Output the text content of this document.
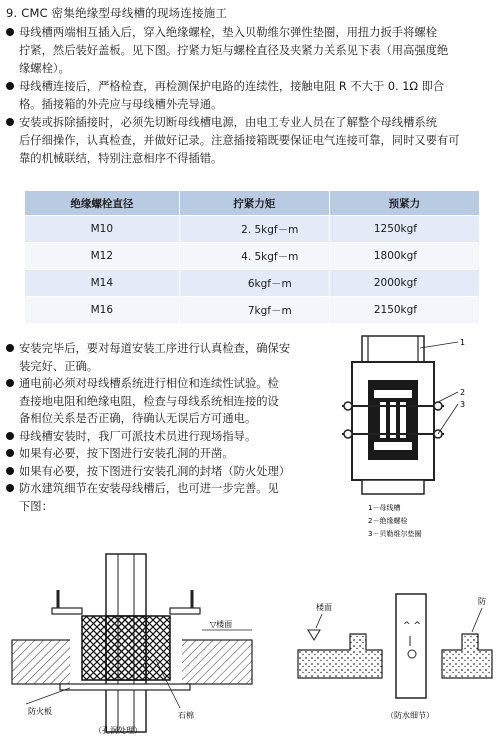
9. CMC 密集绝缘型母线槽的现场连接施工
母线槽两端相互插入后，穿入绝缘螺栓，垫入贝勒维尔弹性垫圈，用扭力扳手将螺栓
拧紧，然后装好盖板。见下图。拧紧力矩与螺栓直径及夹紧力关系见下表（用高强度绝
缘螺栓）。
母线槽连接后，严格检查，再检测保护电路的连续性，接触电阻 R 不大于 0. 1Ω 即合
格。插接箱的外壳应与母线槽外壳导通。
安装或拆除插接时，必须先切断母线槽电源，由电工专业人员在了解整个母线槽系统
后仔细操作，认真检查，并做好记录。注意插接箱既要保证电气连接可靠，同时又要有可
靠的机械联结，特别注意相序不得插错。
绝缘螺栓直径	拧紧力矩	预紧力
M10	2. 5kgf－m	1250kgf
M12	4. 5kgf－m	1800kgf
M14	6kgf－m	2000kgf
M16	7kgf－m	2150kgf
安装完毕后，要对每道安装工序进行认真检查，确保安
装完好、正确。
通电前必须对母线槽系统进行相位和连续性试验。检
查接地电阻和绝缘电阻，检查与母线系统相连接的设
备相位关系是否正确，待确认无误后方可通电。
母线槽安装时，我厂可派技术员进行现场指导。
如果有必要，按下图进行安装孔洞的开凿。
如果有必要，按下图进行安装孔洞的封堵（防火处理）
防水建筑细节在安装母线槽后，也可进一步完善。见
下图：
1
2
3
1－母线槽
2－绝缘螺栓
3－贝勒维尔垫圈
▽楼面
防火板	石棉
（孔洞处理）
楼面
^ ^
防
（防水细节）
